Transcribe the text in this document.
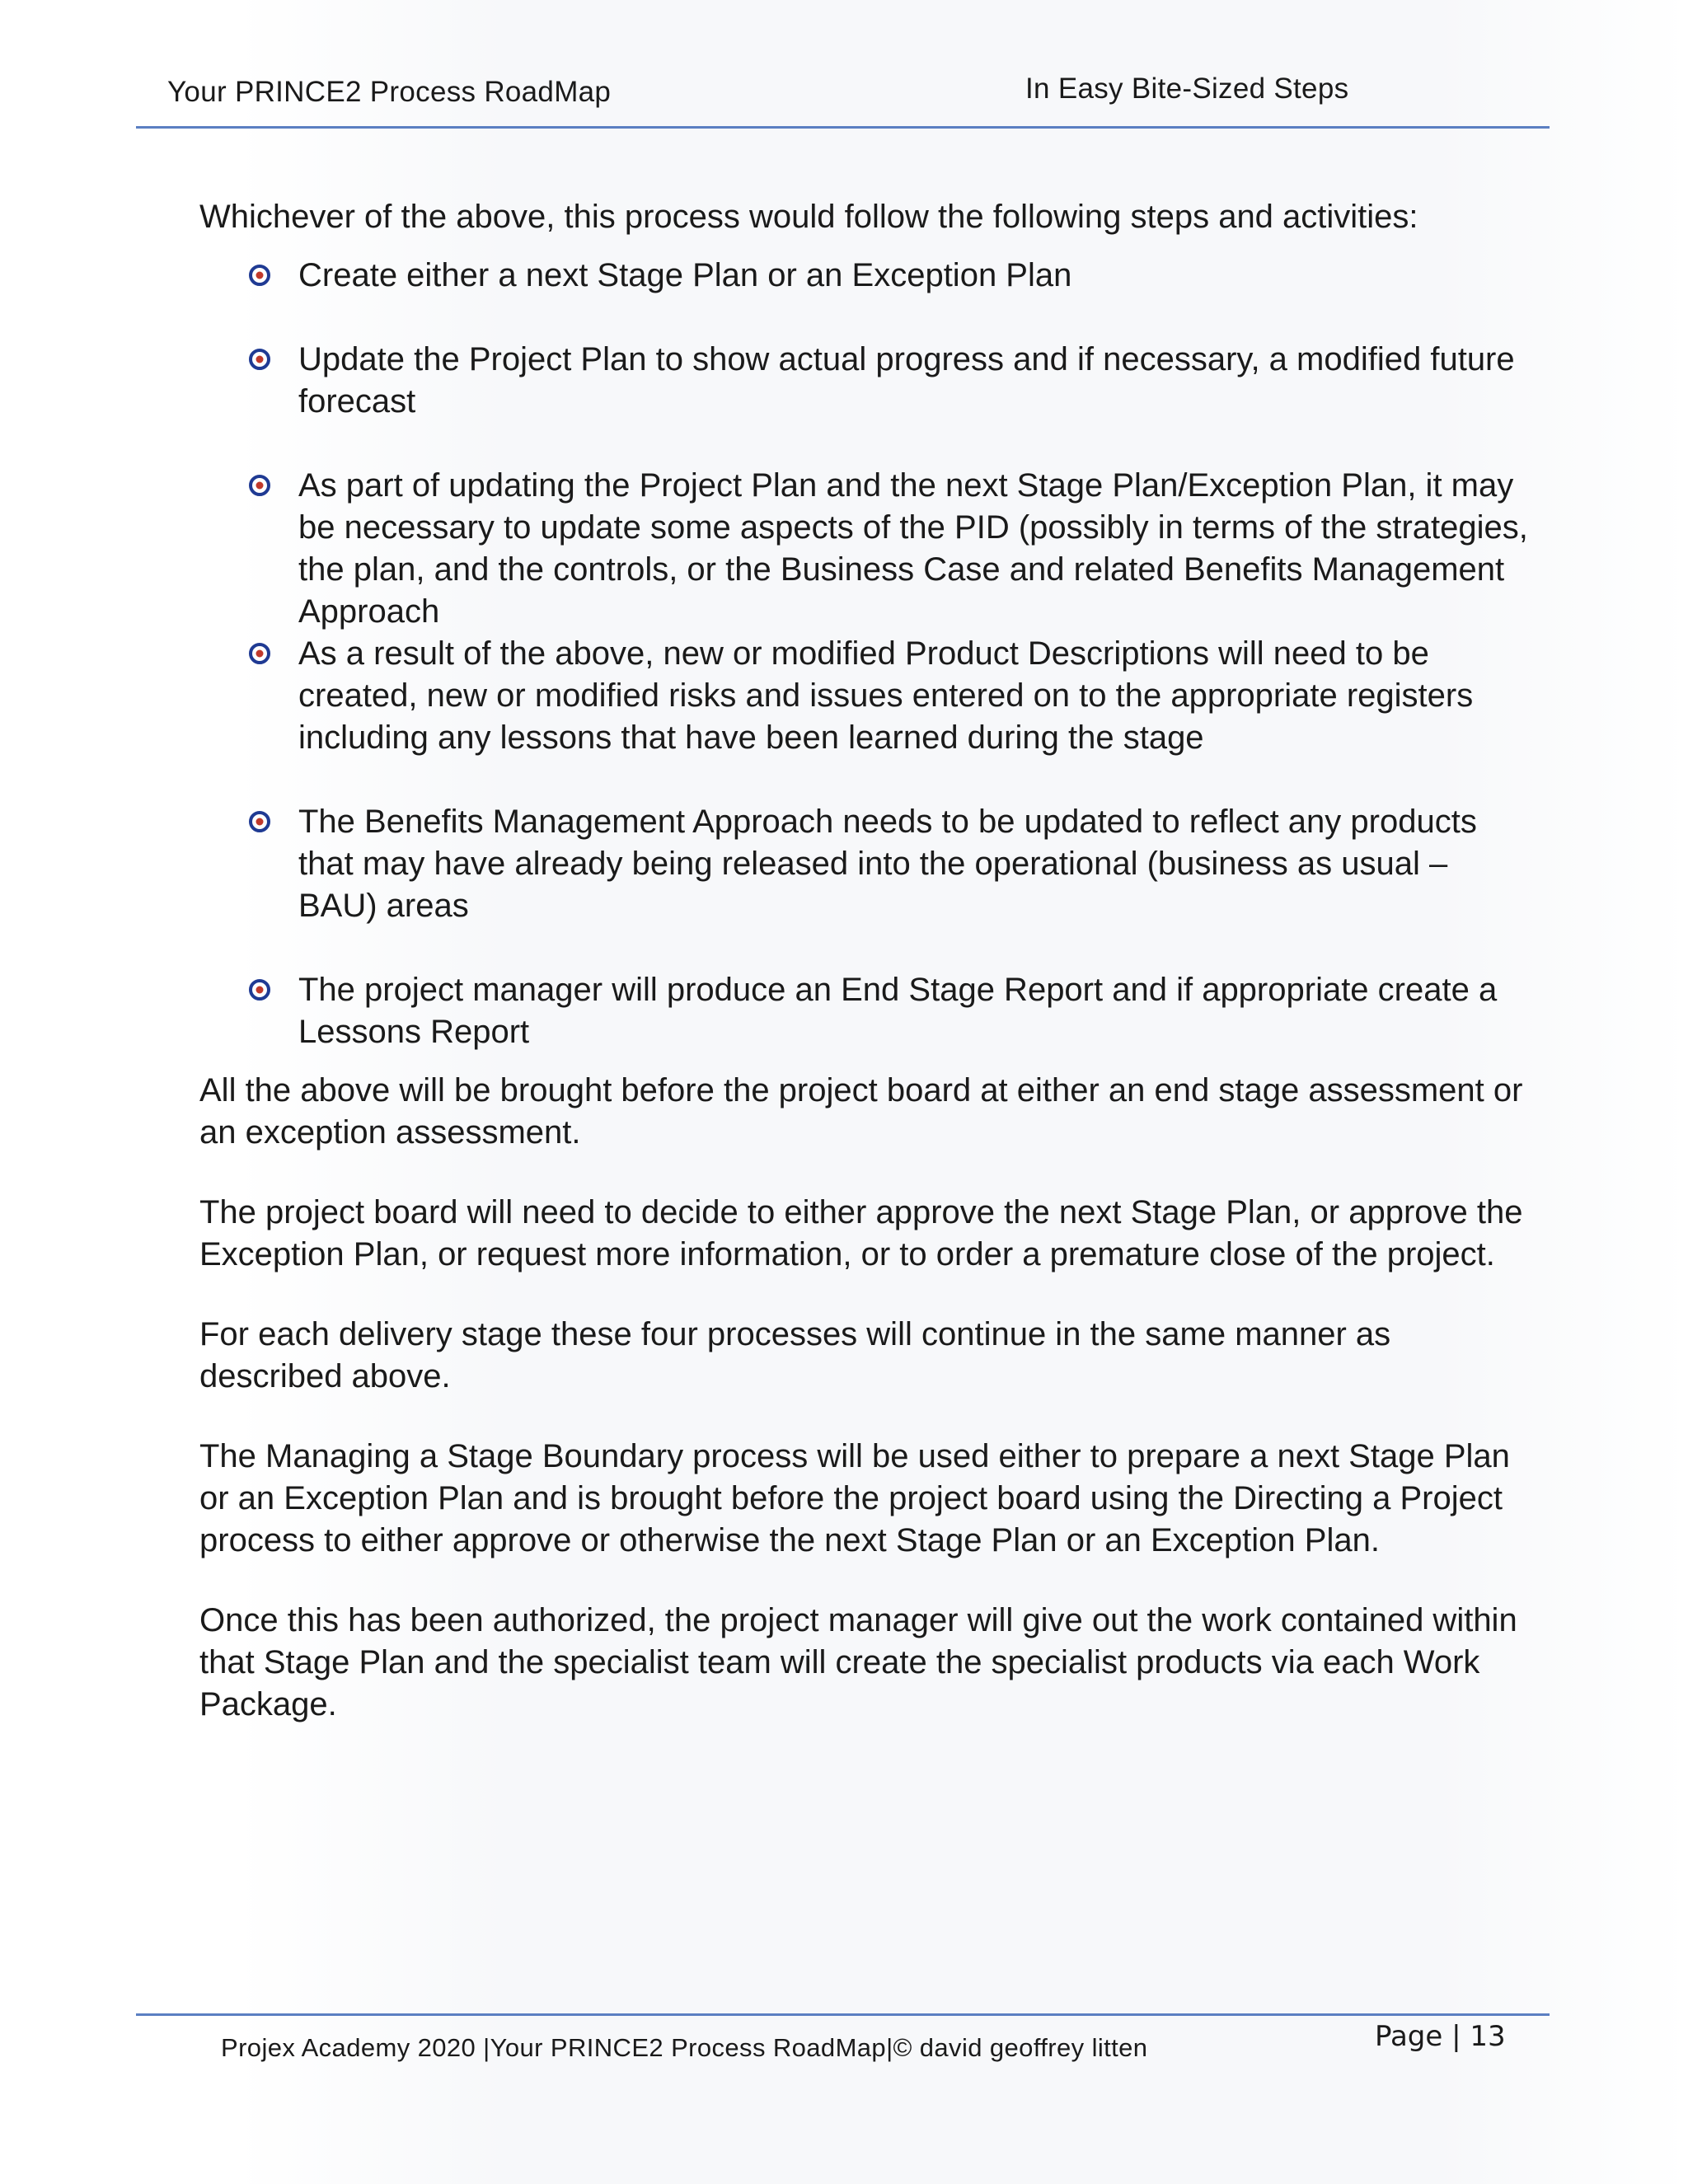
Your PRINCE2 Process RoadMap	In Easy Bite-Sized Steps

Whichever of the above, this process would follow the following steps and activities:

Create either a next Stage Plan or an Exception Plan
Update the Project Plan to show actual progress and if necessary, a modified future forecast
As part of updating the Project Plan and the next Stage Plan/Exception Plan, it may be necessary to update some aspects of the PID (possibly in terms of the strategies, the plan, and the controls, or the Business Case and related Benefits Management Approach
As a result of the above, new or modified Product Descriptions will need to be created, new or modified risks and issues entered on to the appropriate registers including any lessons that have been learned during the stage
The Benefits Management Approach needs to be updated to reflect any products that may have already being released into the operational (business as usual – BAU) areas
The project manager will produce an End Stage Report and if appropriate create a Lessons Report

All the above will be brought before the project board at either an end stage assessment or an exception assessment.

The project board will need to decide to either approve the next Stage Plan, or approve the Exception Plan, or request more information, or to order a premature close of the project.

For each delivery stage these four processes will continue in the same manner as described above.

The Managing a Stage Boundary process will be used either to prepare a next Stage Plan or an Exception Plan and is brought before the project board using the Directing a Project process to either approve or otherwise the next Stage Plan or an Exception Plan.

Once this has been authorized, the project manager will give out the work contained within that Stage Plan and the specialist team will create the specialist products via each Work Package.

Projex Academy 2020 |Your PRINCE2 Process RoadMap|© david geoffrey litten	Page | 13
